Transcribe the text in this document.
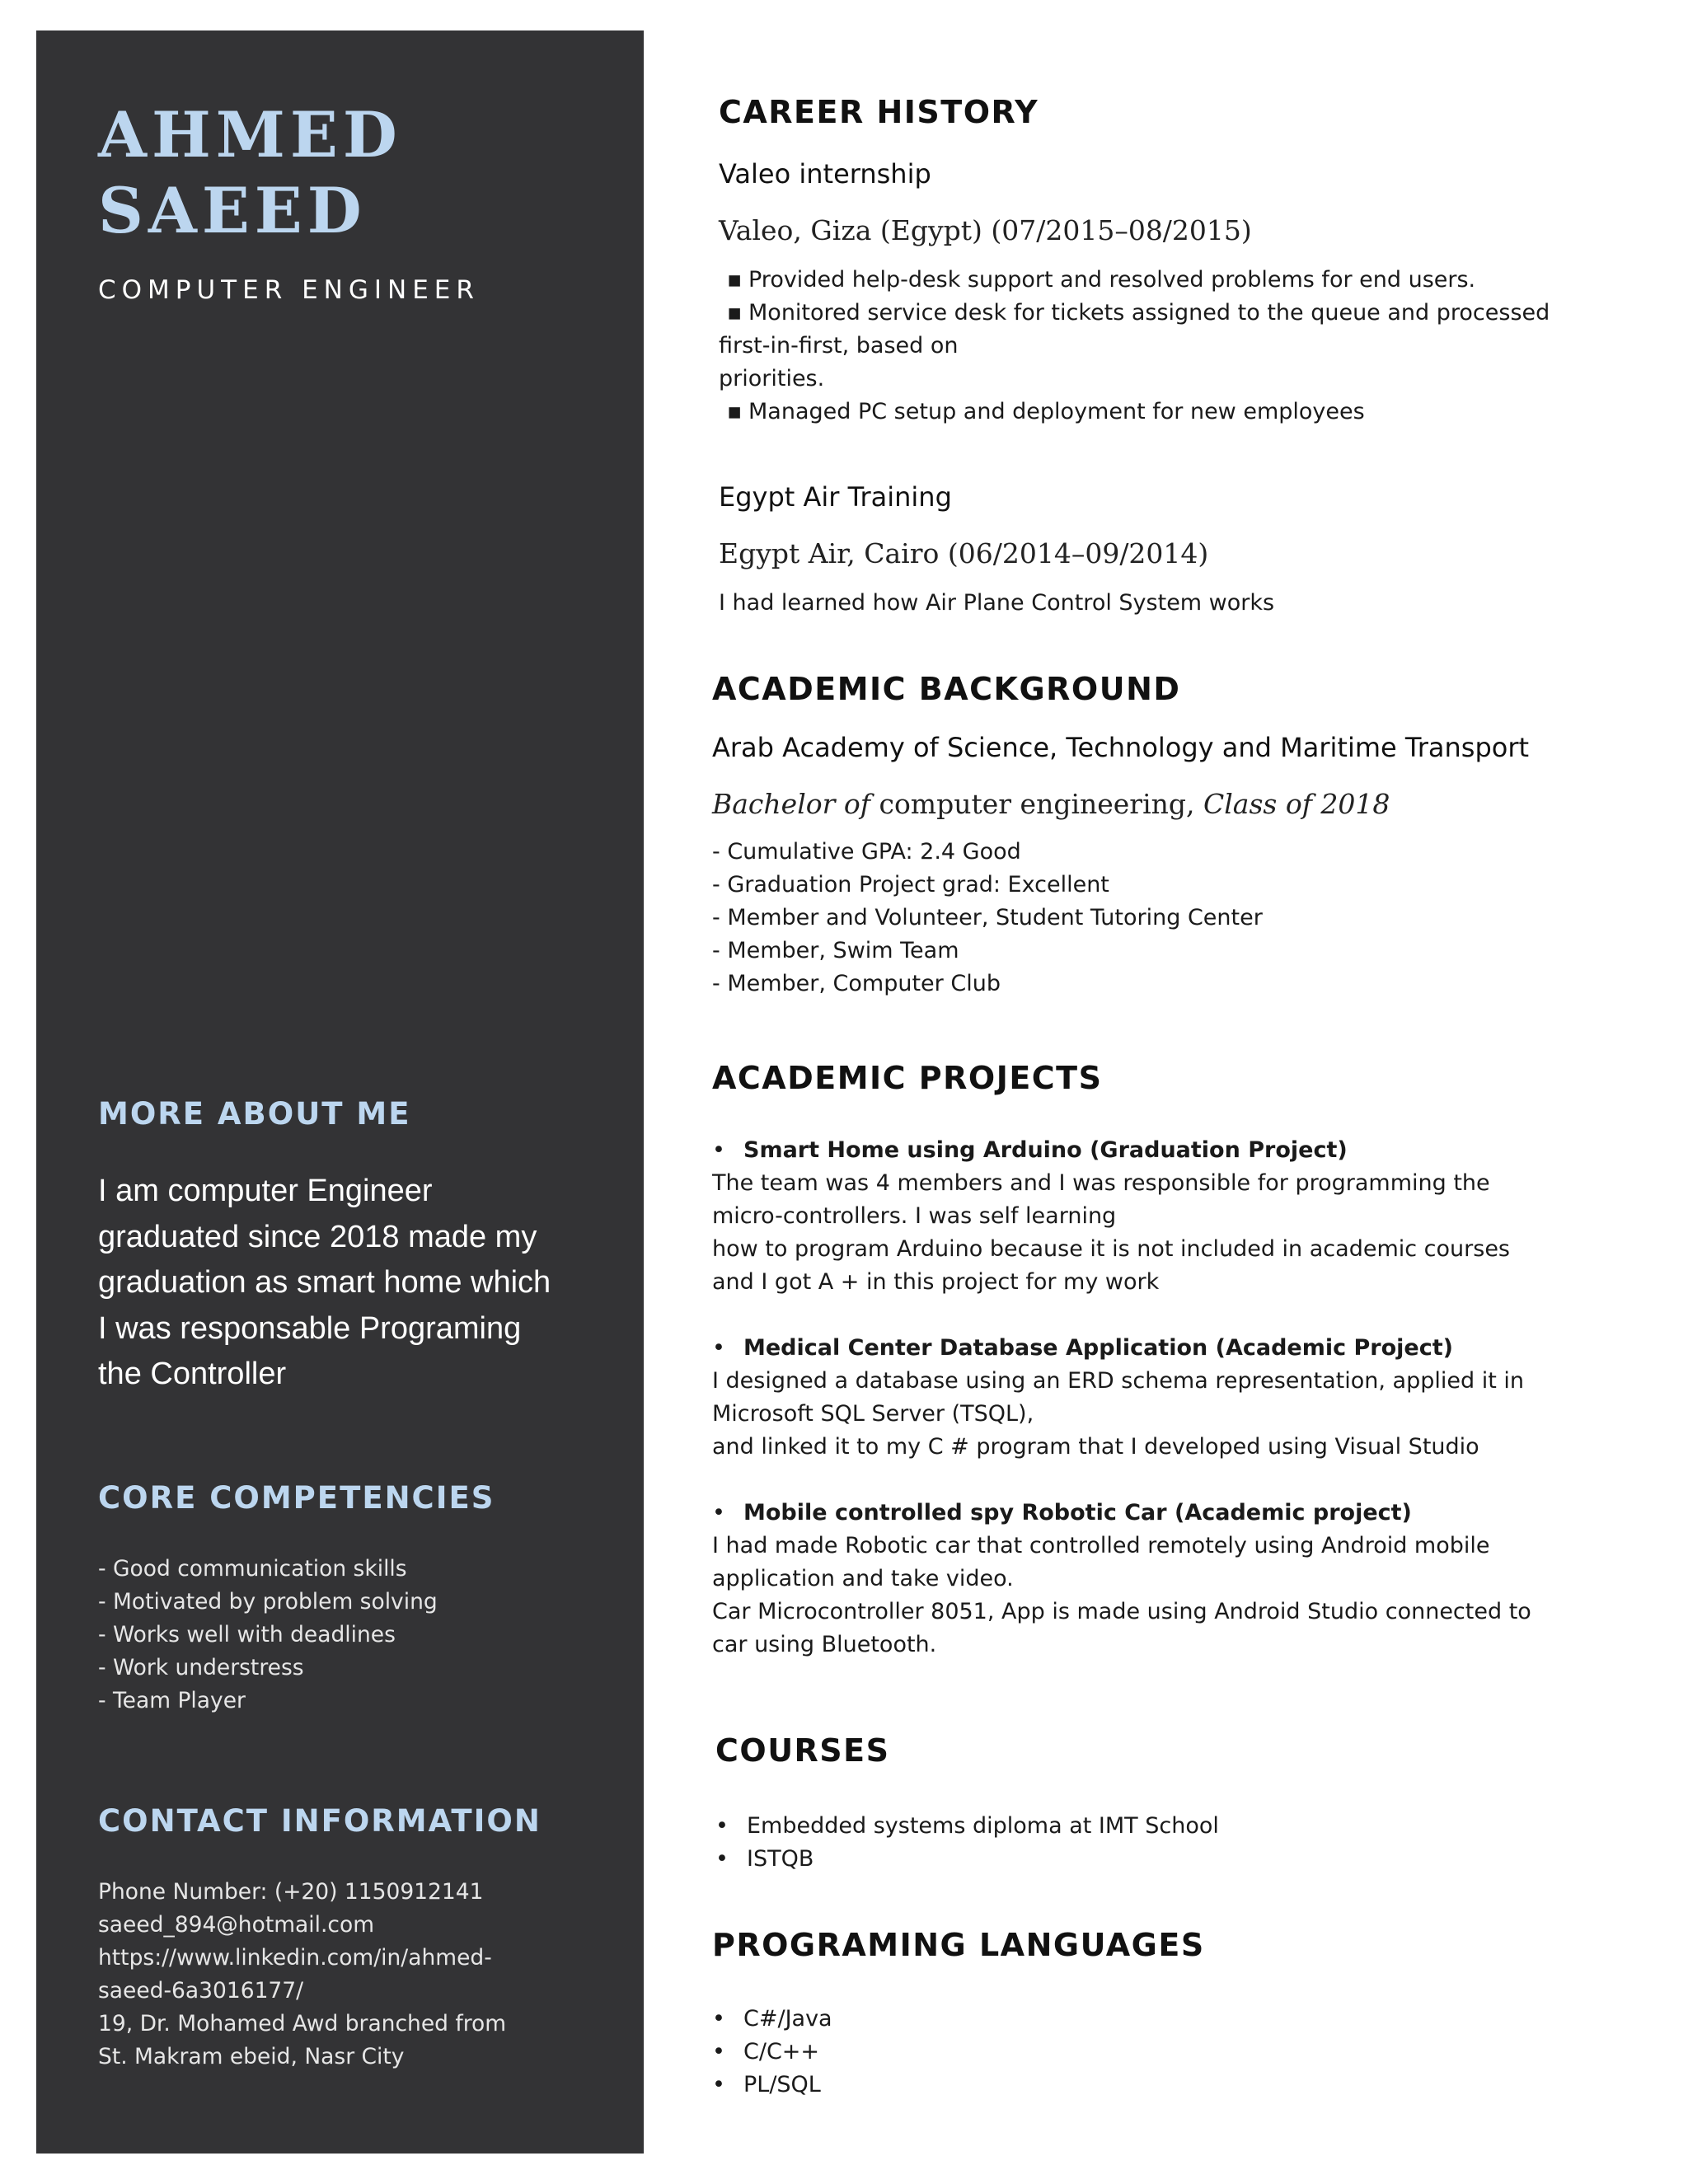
AHMED
SAEED
COMPUTER ENGINEER
MORE ABOUT ME
I am computer Engineer
graduated since 2018 made my
graduation as smart home which
I was responsable Programing
the Controller
CORE COMPETENCIES
- Good communication skills
- Motivated by problem solving
- Works well with deadlines
- Work understress
- Team Player
CONTACT INFORMATION
Phone Number: (+20) 1150912141
saeed_894@hotmail.com
https://www.linkedin.com/in/ahmed-
saeed-6a3016177/
19, Dr. Mohamed Awd branched from
St. Makram ebeid, Nasr City
CAREER HISTORY
Valeo internship
Valeo, Giza (Egypt) (07/2015–08/2015)
▪ Provided help-desk support and resolved problems for end users.
▪ Monitored service desk for tickets assigned to the queue and processed
first-in-first, based on
priorities.
▪ Managed PC setup and deployment for new employees
Egypt Air Training
Egypt Air, Cairo (06/2014–09/2014)
I had learned how Air Plane Control System works
ACADEMIC BACKGROUND
Arab Academy of Science, Technology and Maritime Transport
Bachelor of computer engineering, Class of 2018
- Cumulative GPA: 2.4 Good
- Graduation Project grad: Excellent
- Member and Volunteer, Student Tutoring Center
- Member, Swim Team
- Member, Computer Club
ACADEMIC PROJECTS
• Smart Home using Arduino (Graduation Project)
The team was 4 members and I was responsible for programming the
micro-controllers. I was self learning
how to program Arduino because it is not included in academic courses
and I got A + in this project for my work
• Medical Center Database Application (Academic Project)
I designed a database using an ERD schema representation, applied it in
Microsoft SQL Server (TSQL),
and linked it to my C # program that I developed using Visual Studio
• Mobile controlled spy Robotic Car (Academic project)
I had made Robotic car that controlled remotely using Android mobile
application and take video.
Car Microcontroller 8051, App is made using Android Studio connected to
car using Bluetooth.
COURSES
• Embedded systems diploma at IMT School
• ISTQB
PROGRAMING LANGUAGES
• C#/Java
• C/C++
• PL/SQL
